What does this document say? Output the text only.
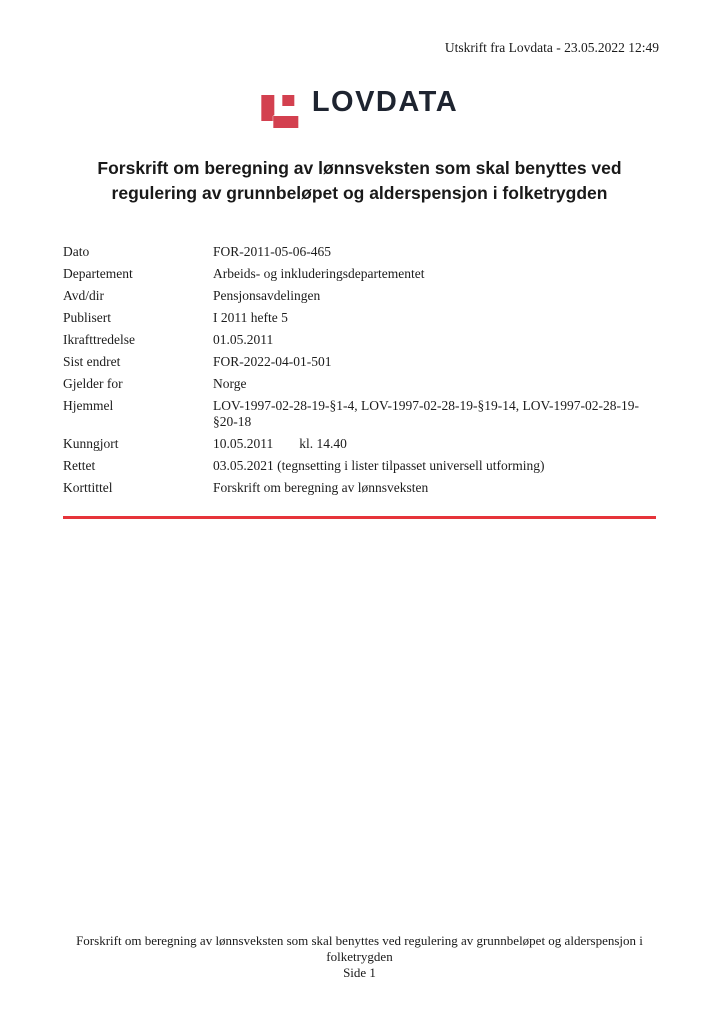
Utskrift fra Lovdata - 23.05.2022 12:49
LOVDATA
Forskrift om beregning av lønnsveksten som skal benyttes ved regulering av grunnbeløpet og alderspensjon i folketrygden
Dato	FOR-2011-05-06-465
Departement	Arbeids- og inkluderingsdepartementet
Avd/dir	Pensjonsavdelingen
Publisert	I 2011 hefte 5
Ikrafttredelse	01.05.2011
Sist endret	FOR-2022-04-01-501
Gjelder for	Norge
Hjemmel	LOV-1997-02-28-19-§1-4, LOV-1997-02-28-19-§19-14, LOV-1997-02-28-19-§20-18
Kunngjort	10.05.2011 kl. 14.40
Rettet	03.05.2021 (tegnsetting i lister tilpasset universell utforming)
Korttittel	Forskrift om beregning av lønnsveksten
Forskrift om beregning av lønnsveksten som skal benyttes ved regulering av grunnbeløpet og alderspensjon i folketrygden
Side 1
